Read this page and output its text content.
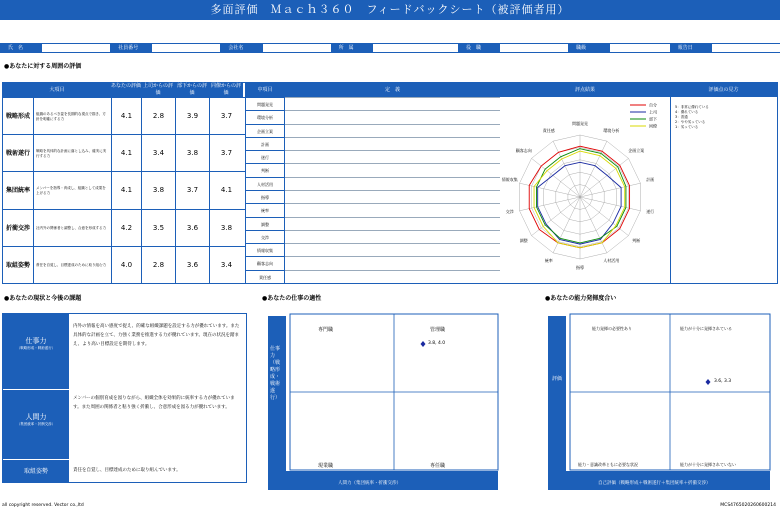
多面評価　Ｍａｃｈ３６０　フィードバックシート（被評価者用）
氏　名	社員番号	会社名	所　属	役　職	職級	報告日
●あなたに対する周囲の評価
大項目
あなたの評価 上司からの評価
部下からの評価
同僚からの評価	中項目	定　義	評点結果	評価点の見方
戦略形成	組織のあるべき姿を長期的な視点で描き、方針を明確にする力	4.1	2.8	3.9	3.7
戦術遂行	戦略を具体的な計画に落とし込み、確実に実行する力	4.1	3.4	3.8	3.7
集団統率	メンバーを指導・育成し、組織として成果を上げる力	4.1	3.8	3.7	4.1
折衝交渉	社内外の関係者と調整し、合意を形成する力	4.2	3.5	3.6	3.8
取組姿勢	責任を自覚し、目標達成のために取り組む力	4.0	2.8	3.6	3.4
問題発見
環境分析
企画立案
計画
遂行
判断
人材活用
指導
統率
調整
交渉
情報収集
顧客志向
責任感
問題発見
環境分析
企画立案
計画
遂行
判断
人材活用
指導
統率
調整
交渉
情報収集
顧客志向
責任感
自分
上司
部下
同僚
5：非常に優れている
4：優れている
3：普通
2：やや劣っている
1：劣っている
●あなたの現状と今後の課題
仕事力
（戦略形成・戦術遂行）
内外の情報を高い感度で捉え、的確な組織課題を設定する力が優れています。また具体的な計画を立て、力強く業務を推進する力が優れています。現在の状況を踏まえ、より高い目標設定を期待します。
人間力
（集団統率・折衝交渉）
メンバーの個別育成を図りながら、組織全体を効果的に統率する力が優れています。また周囲の関係者と粘り強く折衝し、合意形成を図る力が優れています。
取組姿勢	責任を自覚し、目標達成のために取り組んでいます。
●あなたの仕事の適性
専門職	管理職
現業職	専任職
3.8, 4.0
仕事力（戦略形成・戦術遂行）
人間力（集団統率・折衝交渉）
●あなたの能力発揮度合い
能力発揮の必要性あり	能力が十分に発揮されている
能力・意識改革ともに必要な状況	能力が十分に発揮されていない
3.6, 3.3
評価
自己評価（戦略形成＋戦術遂行＋集団統率＋折衝交渉）
all copyright reserved. Vector co.,ltd	MCS4765020260600214
